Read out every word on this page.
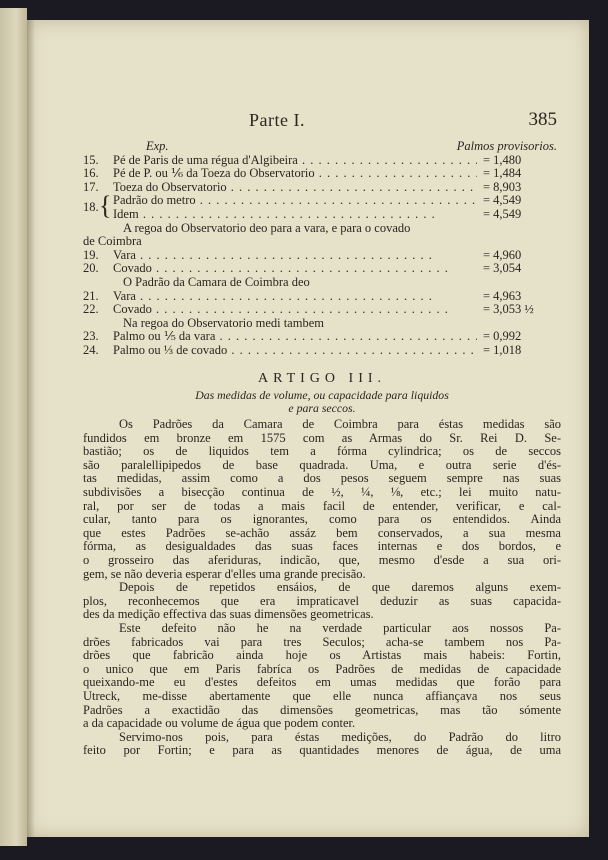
Parte I.	385
Exp.	Palmos provisorios.
15.	Pé de Paris de uma régua d'Algibeira . . .	= 1,480
16.	Pé de P. ou ⅙ da Toeza do Observatorio . . .	= 1,484
17.	Toeza do Observatorio . . .	= 8,903
18. { Padrão do metro . . .	= 4,549
Idem . . .	= 4,549
A regoa do Observatorio deo para a vara, e para o covado
de Coimbra
19.	Vara . . .	= 4,960
20.	Covado . . .	= 3,054
O Padrão da Camara de Coimbra deo
21.	Vara . . .	= 4,963
22.	Covado . . .	= 3,053 ½
Na regoa do Observatorio medi tambem
23.	Palmo ou ⅕ da vara . . .	= 0,992
24.	Palmo ou ⅓ de covado . . .	= 1,018
ARTIGO III.
Das medidas de volume, ou capacidade para liquidos
e para seccos.
Os Padrões da Camara de Coimbra para éstas medidas são
fundidos em bronze em 1575 com as Armas do Sr. Rei D. Se-
bastião; os de liquidos tem a fórma cylindrica; os de seccos
são paralellipipedos de base quadrada. Uma, e outra serie d'és-
tas medidas, assim como a dos pesos seguem sempre nas suas
subdivisões a bisecção continua de ½, ¼, ⅛, etc.; lei muito natu-
ral, por ser de todas a mais facil de entender, verificar, e cal-
cular, tanto para os ignorantes, como para os entendidos. Ainda
que estes Padrões se-achão assáz bem conservados, a sua mesma
fórma, as desigualdades das suas faces internas e dos bordos, e
o grosseiro das aferiduras, indicão, que, mesmo d'esde a sua ori-
gem, se não deveria esperar d'elles uma grande precisão.
Depois de repetidos ensáios, de que daremos alguns exem-
plos, reconhecemos que era impraticavel deduzir as suas capacida-
des da medição effectiva das suas dimensões geometricas.
Este defeito não he na verdade particular aos nossos Pa-
drões fabricados vai para tres Seculos; acha-se tambem nos Pa-
drões que fabricão ainda hoje os Artistas mais habeis: Fortin,
o unico que em Paris fabríca os Padrões de medidas de capacidade
queixando-me eu d'estes defeitos em umas medidas que forão para
Utreck, me-disse abertamente que elle nunca affiançava nos seus
Padrões a exactidão das dimensões geometricas, mas tão sómente
a da capacidade ou volume de água que podem conter.
Servimo-nos pois, para éstas medições, do Padrão do litro
feito por Fortin; e para as quantidades menores de água, de uma
